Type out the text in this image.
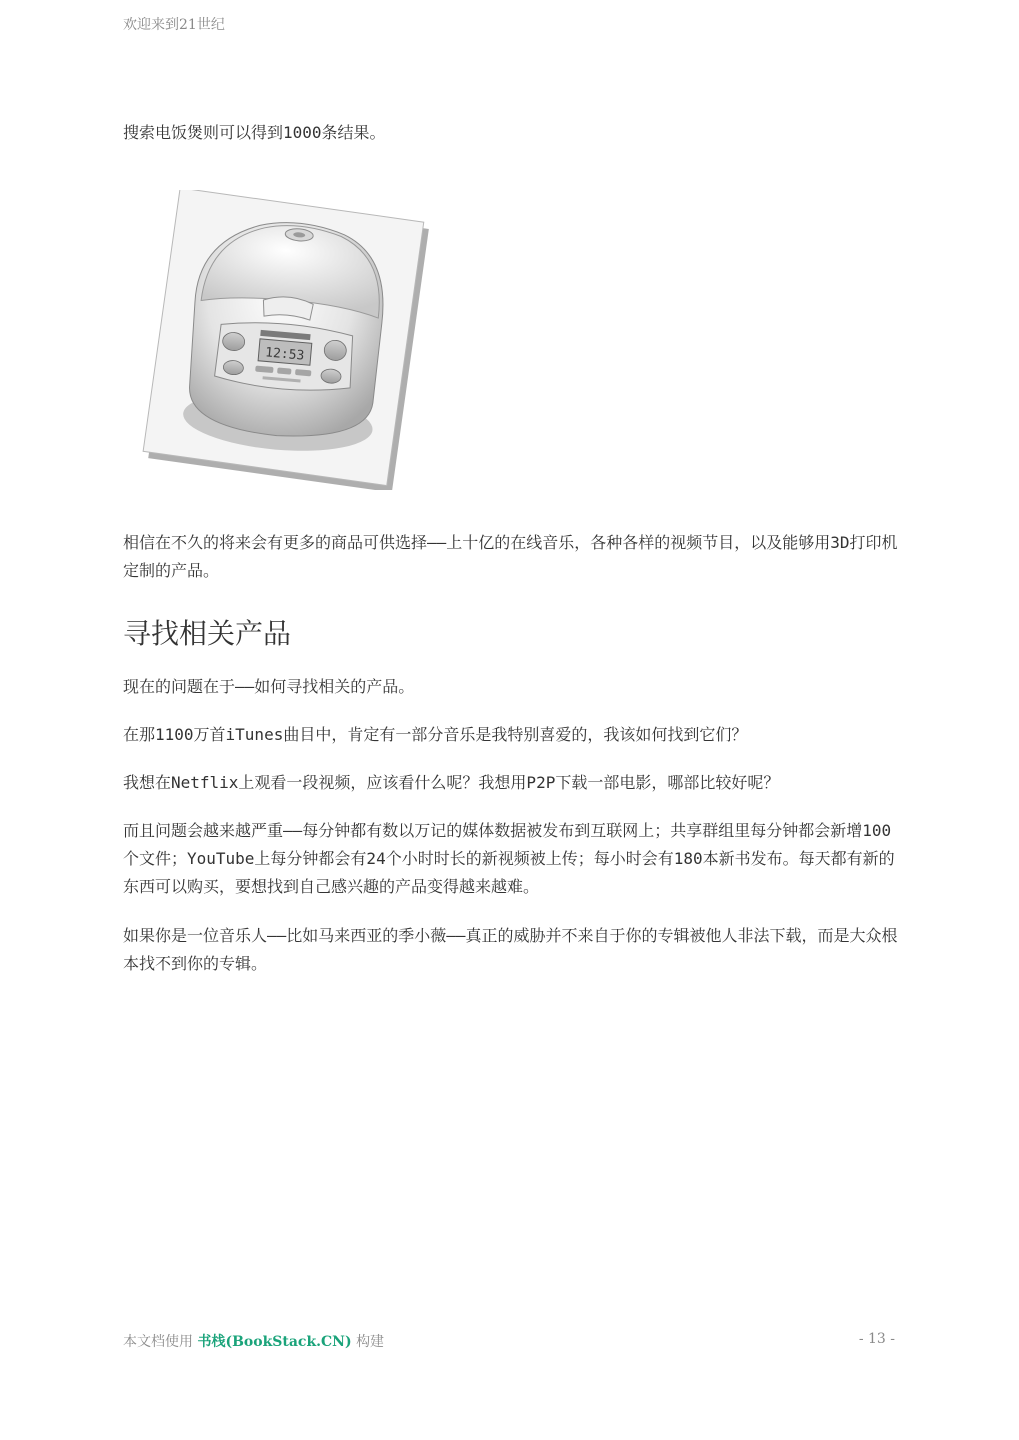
欢迎来到21世纪

搜索电饭煲则可以得到1000条结果。

相信在不久的将来会有更多的商品可供选择——上十亿的在线音乐，各种各样的视频节目，以及能够用3D打印机定制的产品。

寻找相关产品

现在的问题在于——如何寻找相关的产品。

在那1100万首iTunes曲目中，肯定有一部分音乐是我特别喜爱的，我该如何找到它们？

我想在Netflix上观看一段视频，应该看什么呢？我想用P2P下载一部电影，哪部比较好呢？

而且问题会越来越严重——每分钟都有数以万记的媒体数据被发布到互联网上；共享群组里每分钟都会新增100个文件；YouTube上每分钟都会有24个小时时长的新视频被上传；每小时会有180本新书发布。每天都有新的东西可以购买，要想找到自己感兴趣的产品变得越来越难。

如果你是一位音乐人——比如马来西亚的季小薇——真正的威胁并不来自于你的专辑被他人非法下载，而是大众根本找不到你的专辑。

12:53
本文档使用 书栈(BookStack.CN) 构建	- 13 -
